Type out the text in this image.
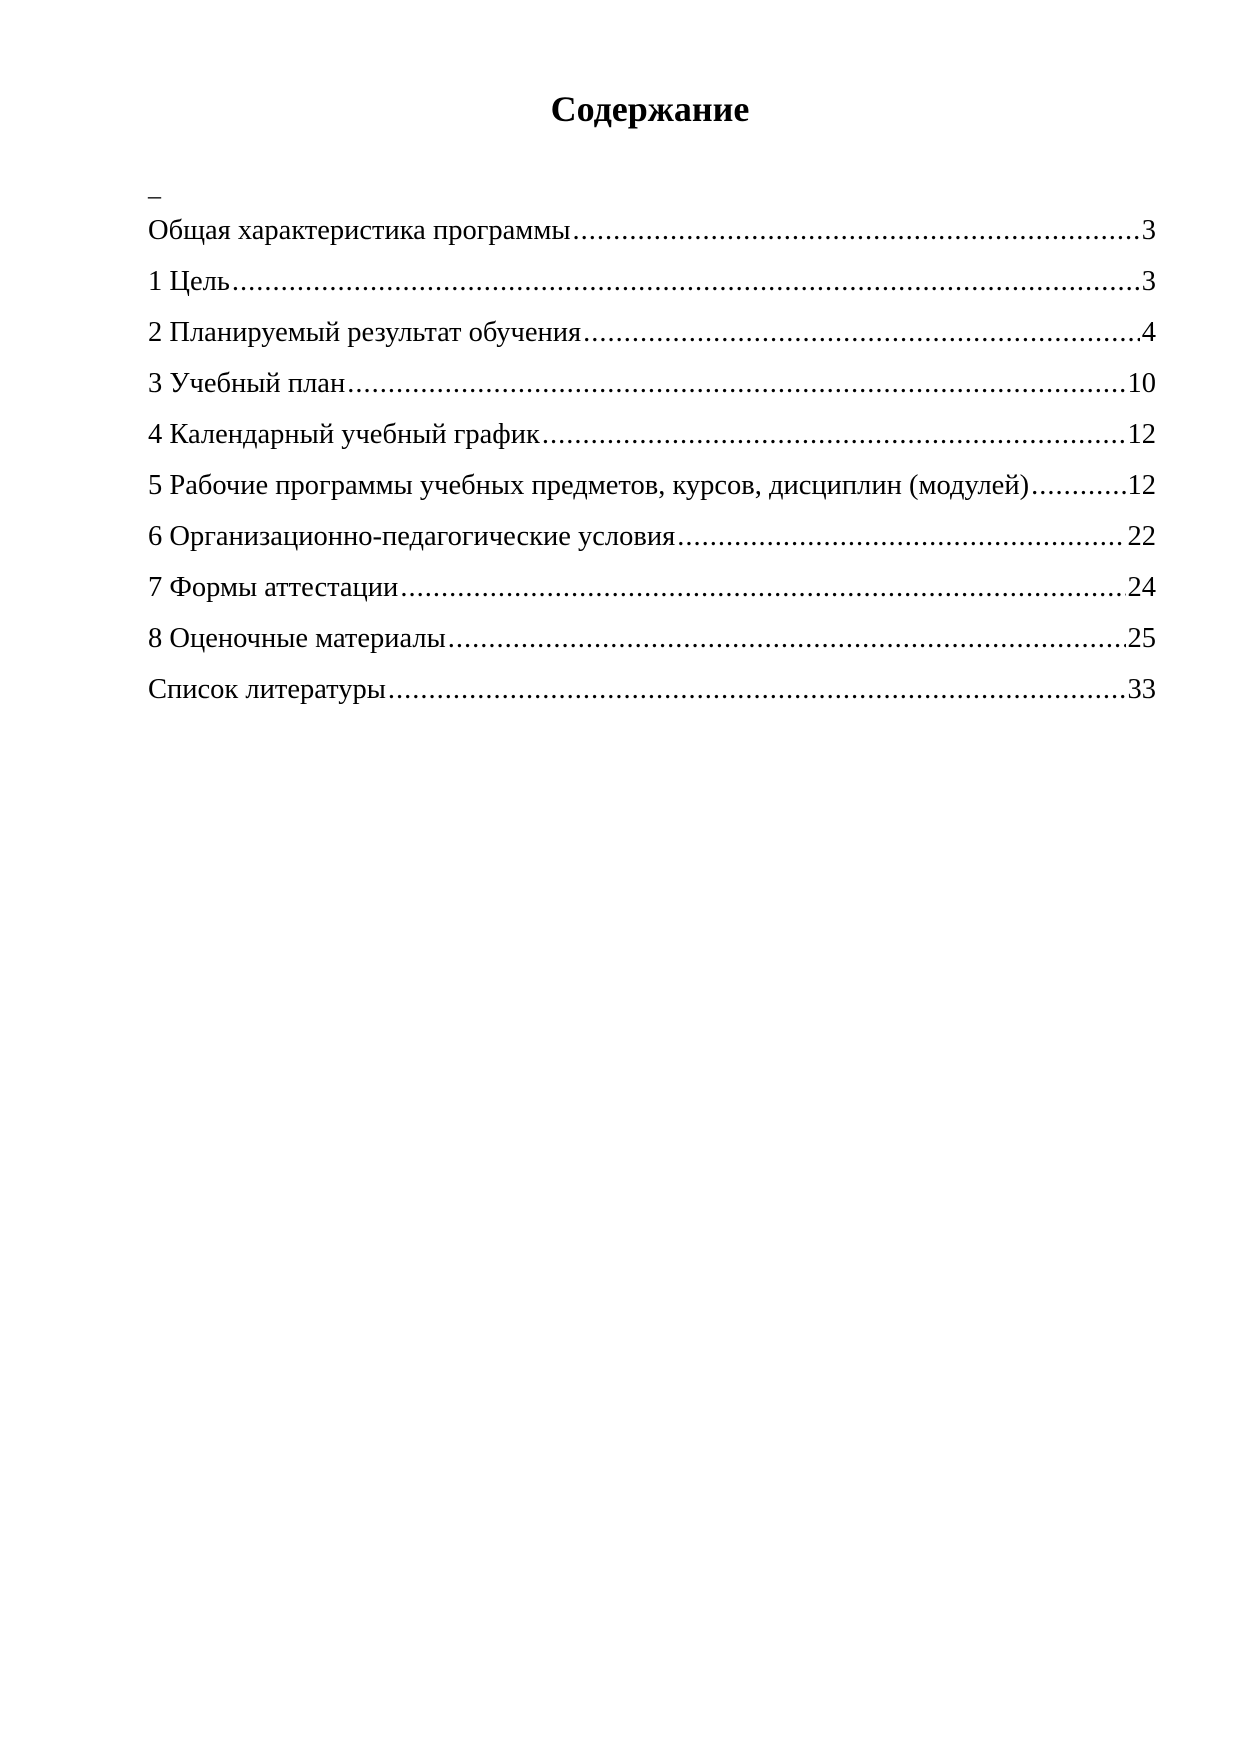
Содержание
_
Общая характеристика программы .....	3
1 Цель .....	3
2 Планируемый результат обучения .....	4
3 Учебный план .....	10
4 Календарный учебный график .....	12
5 Рабочие программы учебных предметов, курсов, дисциплин (модулей) .....	12
6 Организационно-педагогические условия .....	22
7 Формы аттестации .....	24
8 Оценочные материалы .....	25
Список литературы .....	33
